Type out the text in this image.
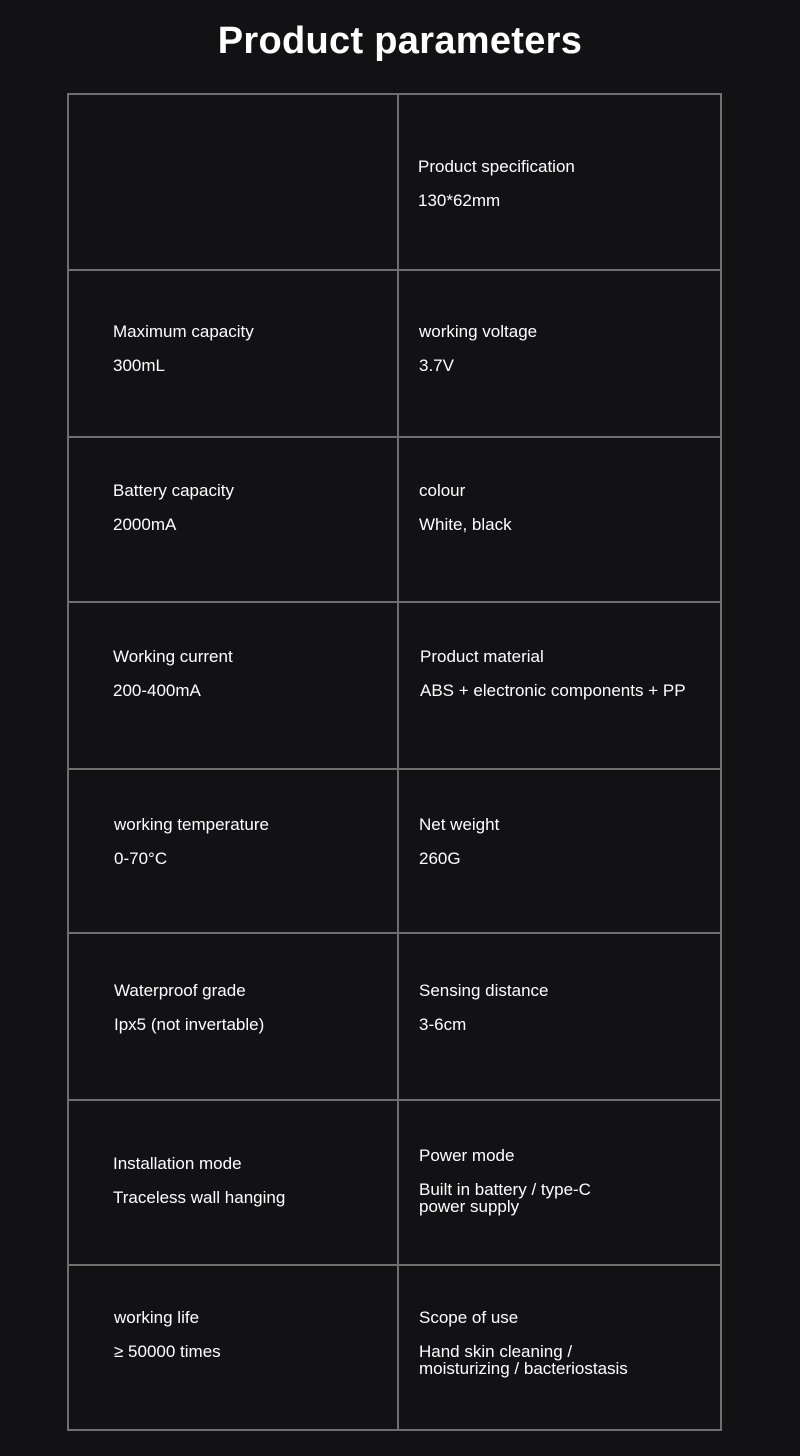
Product parameters
Product specification
130*62mm
Maximum capacity
300mL
working voltage
3.7V
Battery capacity
2000mA
colour
White, black
Working current
200-400mA
Product material
ABS + electronic components + PP
working temperature
0-70°C
Net weight
260G
Waterproof grade
Ipx5 (not invertable)
Sensing distance
3-6cm
Installation mode
Traceless wall hanging
Power mode
Built in battery / type-C power supply
working life
≥ 50000 times
Scope of use
Hand skin cleaning / moisturizing / bacteriostasis
